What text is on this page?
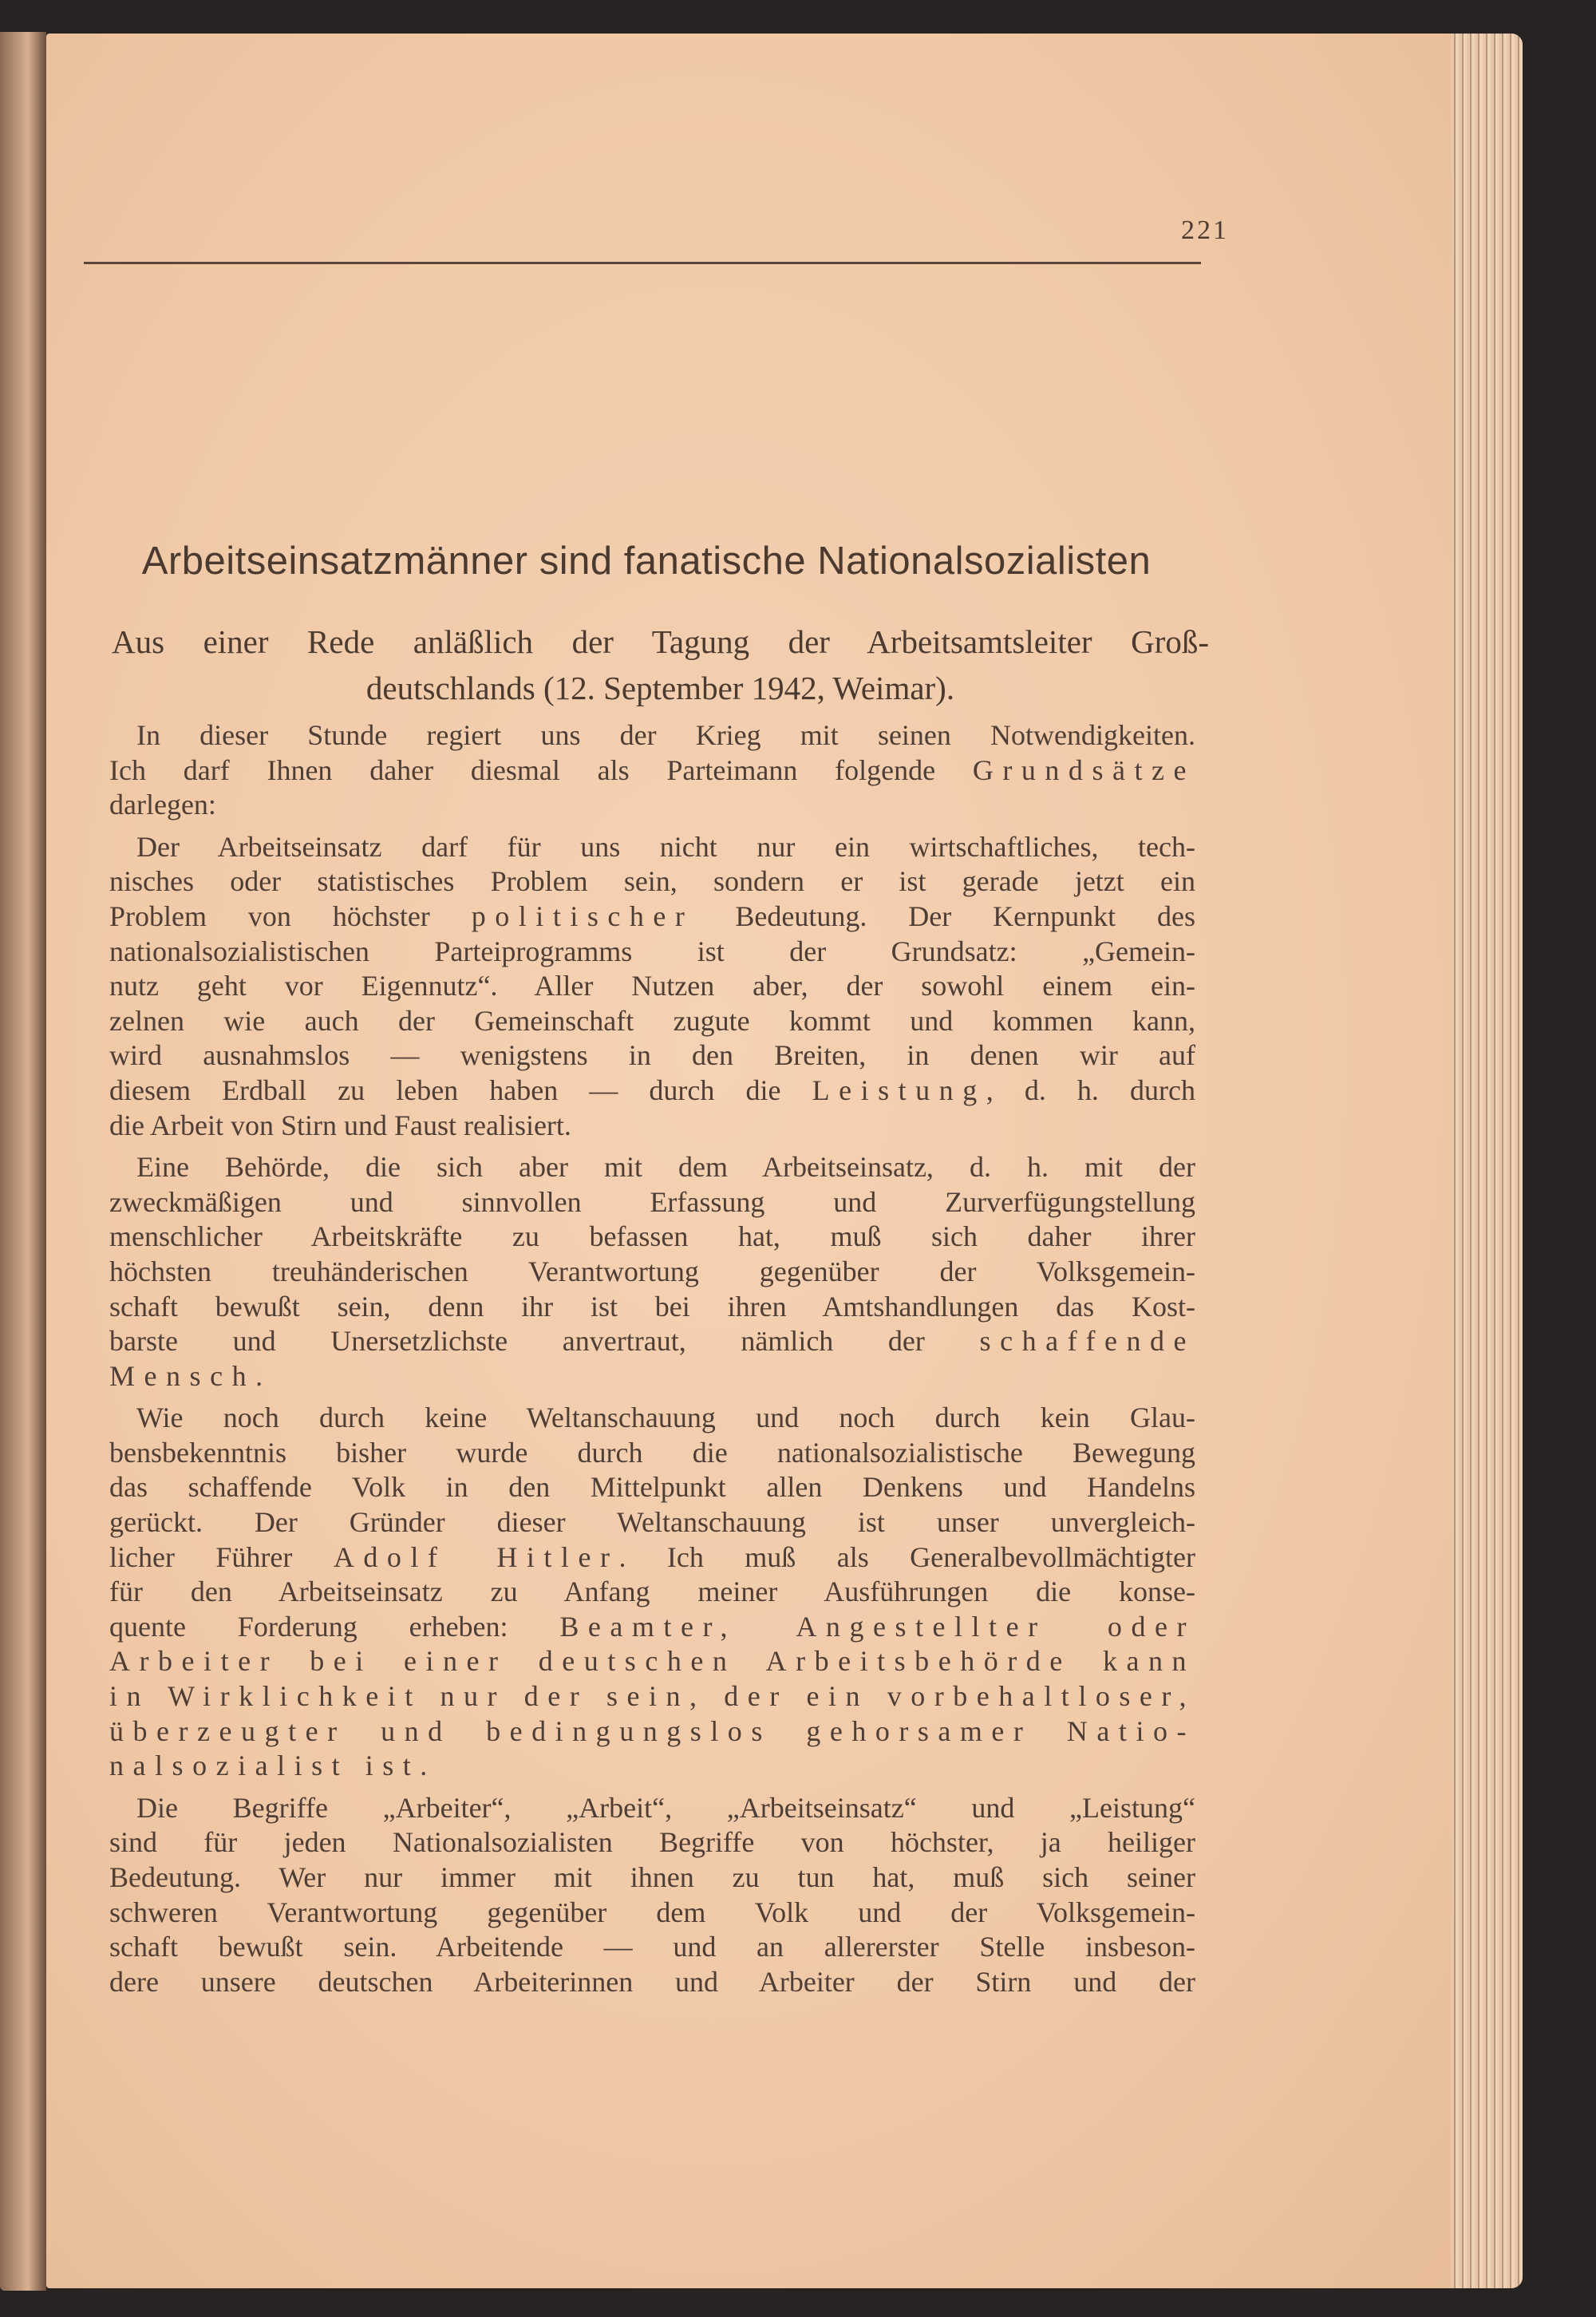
221
Arbeitseinsatzmänner sind fanatische Nationalsozialisten
Aus einer Rede anläßlich der Tagung der Arbeitsamtsleiter Groß-
deutschlands (12. September 1942, Weimar).
In dieser Stunde regiert uns der Krieg mit seinen Notwendigkeiten.
Ich darf Ihnen daher diesmal als Parteimann folgende Grundsätze
darlegen:
Der Arbeitseinsatz darf für uns nicht nur ein wirtschaftliches, tech-
nisches oder statistisches Problem sein, sondern er ist gerade jetzt ein
Problem von höchster politischer Bedeutung. Der Kernpunkt des
nationalsozialistischen Parteiprogramms ist der Grundsatz: „Gemein-
nutz geht vor Eigennutz“. Aller Nutzen aber, der sowohl einem ein-
zelnen wie auch der Gemeinschaft zugute kommt und kommen kann,
wird ausnahmslos — wenigstens in den Breiten, in denen wir auf
diesem Erdball zu leben haben — durch die Leistung, d. h. durch
die Arbeit von Stirn und Faust realisiert.
Eine Behörde, die sich aber mit dem Arbeitseinsatz, d. h. mit der
zweckmäßigen und sinnvollen Erfassung und Zurverfügungstellung
menschlicher Arbeitskräfte zu befassen hat, muß sich daher ihrer
höchsten treuhänderischen Verantwortung gegenüber der Volksgemein-
schaft bewußt sein, denn ihr ist bei ihren Amtshandlungen das Kost-
barste und Unersetzlichste anvertraut, nämlich der schaffende
Mensch.
Wie noch durch keine Weltanschauung und noch durch kein Glau-
bensbekenntnis bisher wurde durch die nationalsozialistische Bewegung
das schaffende Volk in den Mittelpunkt allen Denkens und Handelns
gerückt. Der Gründer dieser Weltanschauung ist unser unvergleich-
licher Führer Adolf Hitler. Ich muß als Generalbevollmächtigter
für den Arbeitseinsatz zu Anfang meiner Ausführungen die konse-
quente Forderung erheben: Beamter, Angestellter oder
Arbeiter bei einer deutschen Arbeitsbehörde kann
in Wirklichkeit nur der sein, der ein vorbehaltloser,
überzeugter und bedingungslos gehorsamer Natio-
nalsozialist ist.
Die Begriffe „Arbeiter“, „Arbeit“, „Arbeitseinsatz“ und „Leistung“
sind für jeden Nationalsozialisten Begriffe von höchster, ja heiliger
Bedeutung. Wer nur immer mit ihnen zu tun hat, muß sich seiner
schweren Verantwortung gegenüber dem Volk und der Volksgemein-
schaft bewußt sein. Arbeitende — und an allererster Stelle insbeson-
dere unsere deutschen Arbeiterinnen und Arbeiter der Stirn und der
